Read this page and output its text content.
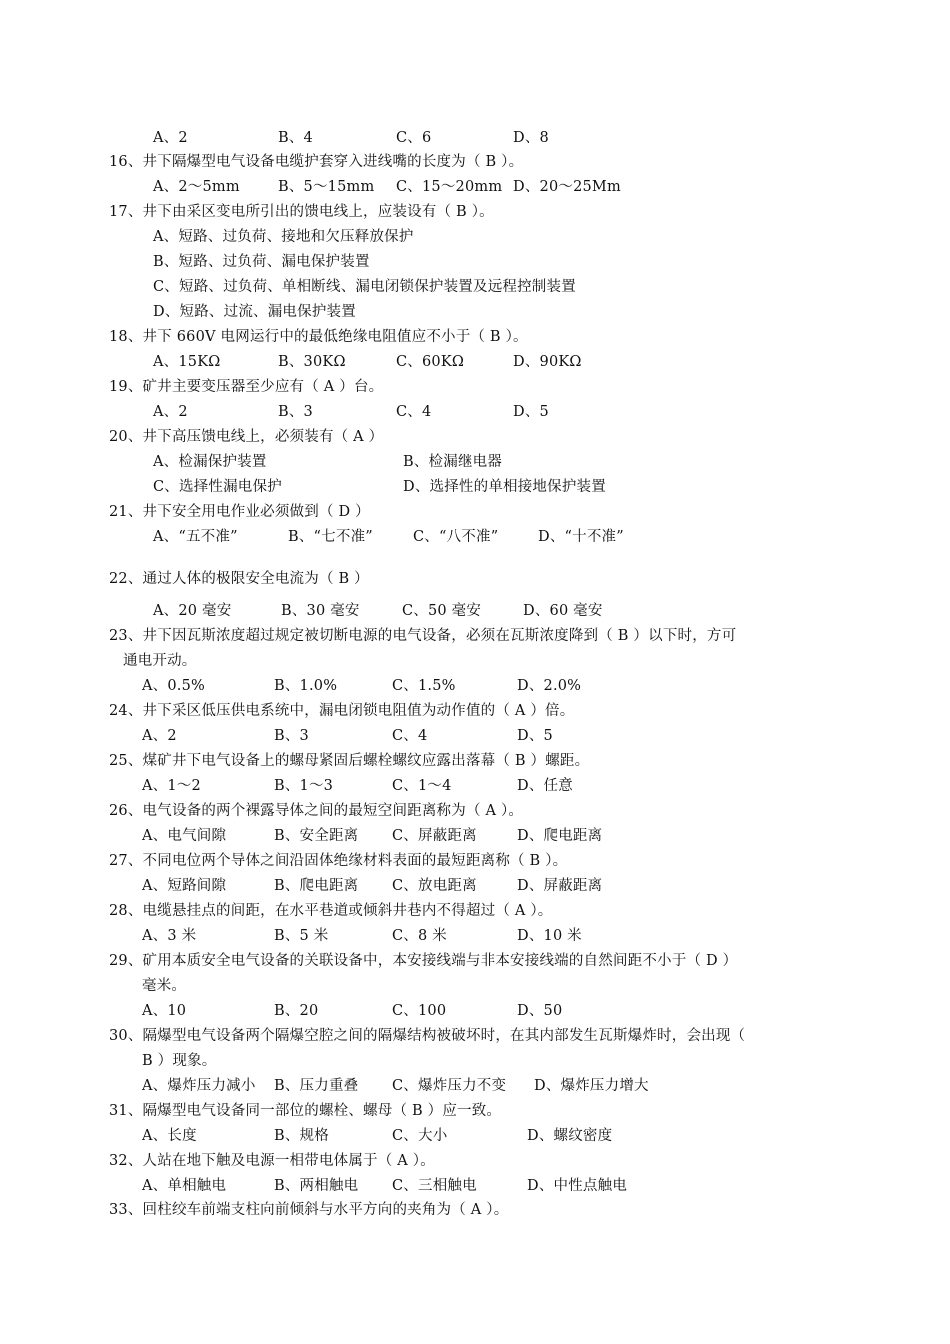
A、2	B、4	C、6	D、8
16、井下隔爆型电气设备电缆护套穿入进线嘴的长度为（ B ）。
A、2～5mm	B、5～15mm C、15～20mm D、20～25Mm
17、井下由采区变电所引出的馈电线上，应装设有（ B ）。
A、短路、过负荷、接地和欠压释放保护
B、短路、过负荷、漏电保护装置
C、短路、过负荷、单相断线、漏电闭锁保护装置及远程控制装置
D、短路、过流、漏电保护装置
18、井下 660V 电网运行中的最低绝缘电阻值应不小于（ B ）。
A、15KΩ	B、30KΩ	C、60KΩ	D、90KΩ
19、矿井主要变压器至少应有（ A ）台。
A、2	B、3	C、4	D、5
20、井下高压馈电线上，必须装有（ A ）
A、检漏保护装置	B、检漏继电器
C、选择性漏电保护	D、选择性的单相接地保护装置
21、井下安全用电作业必须做到（ D ）
A、“五不准”	B、“七不准”	C、“八不准”	D、“十不准”
22、通过人体的极限安全电流为（ B ）
A、20 毫安	B、30 毫安	C、50 毫安	D、60 毫安
23、井下因瓦斯浓度超过规定被切断电源的电气设备，必须在瓦斯浓度降到（ B ）以下时，方可
通电开动。
A、0.5%	B、1.0%	C、1.5%	D、2.0%
24、井下采区低压供电系统中，漏电闭锁电阻值为动作值的（ A ）倍。
A、2	B、3	C、4	D、5
25、煤矿井下电气设备上的螺母紧固后螺栓螺纹应露出落幕（ B ）螺距。
A、1～2	B、1～3	C、1～4	D、任意
26、电气设备的两个裸露导体之间的最短空间距离称为（ A ）。
A、电气间隙	B、安全距离 C、屏蔽距离	D、爬电距离
27、不同电位两个导体之间沿固体绝缘材料表面的最短距离称（ B ）。
A、短路间隙	B、爬电距离 C、放电距离	D、屏蔽距离
28、电缆悬挂点的间距，在水平巷道或倾斜井巷内不得超过（ A ）。
A、3 米	B、5 米	C、8 米	D、10 米
29、矿用本质安全电气设备的关联设备中，本安接线端与非本安接线端的自然间距不小于（ D ）
毫米。
A、10	B、20	C、100	D、50
30、隔爆型电气设备两个隔爆空腔之间的隔爆结构被破坏时，在其内部发生瓦斯爆炸时，会出现（
B ）现象。
A、爆炸压力减小 B、压力重叠 C、爆炸压力不变 D、爆炸压力增大
31、隔爆型电气设备同一部位的螺栓、螺母（ B ）应一致。
A、长度	B、规格	C、大小	D、螺纹密度
32、人站在地下触及电源一相带电体属于（ A ）。
A、单相触电	B、两相触电 C、三相触电	D、中性点触电
33、回柱绞车前端支柱向前倾斜与水平方向的夹角为（ A ）。
